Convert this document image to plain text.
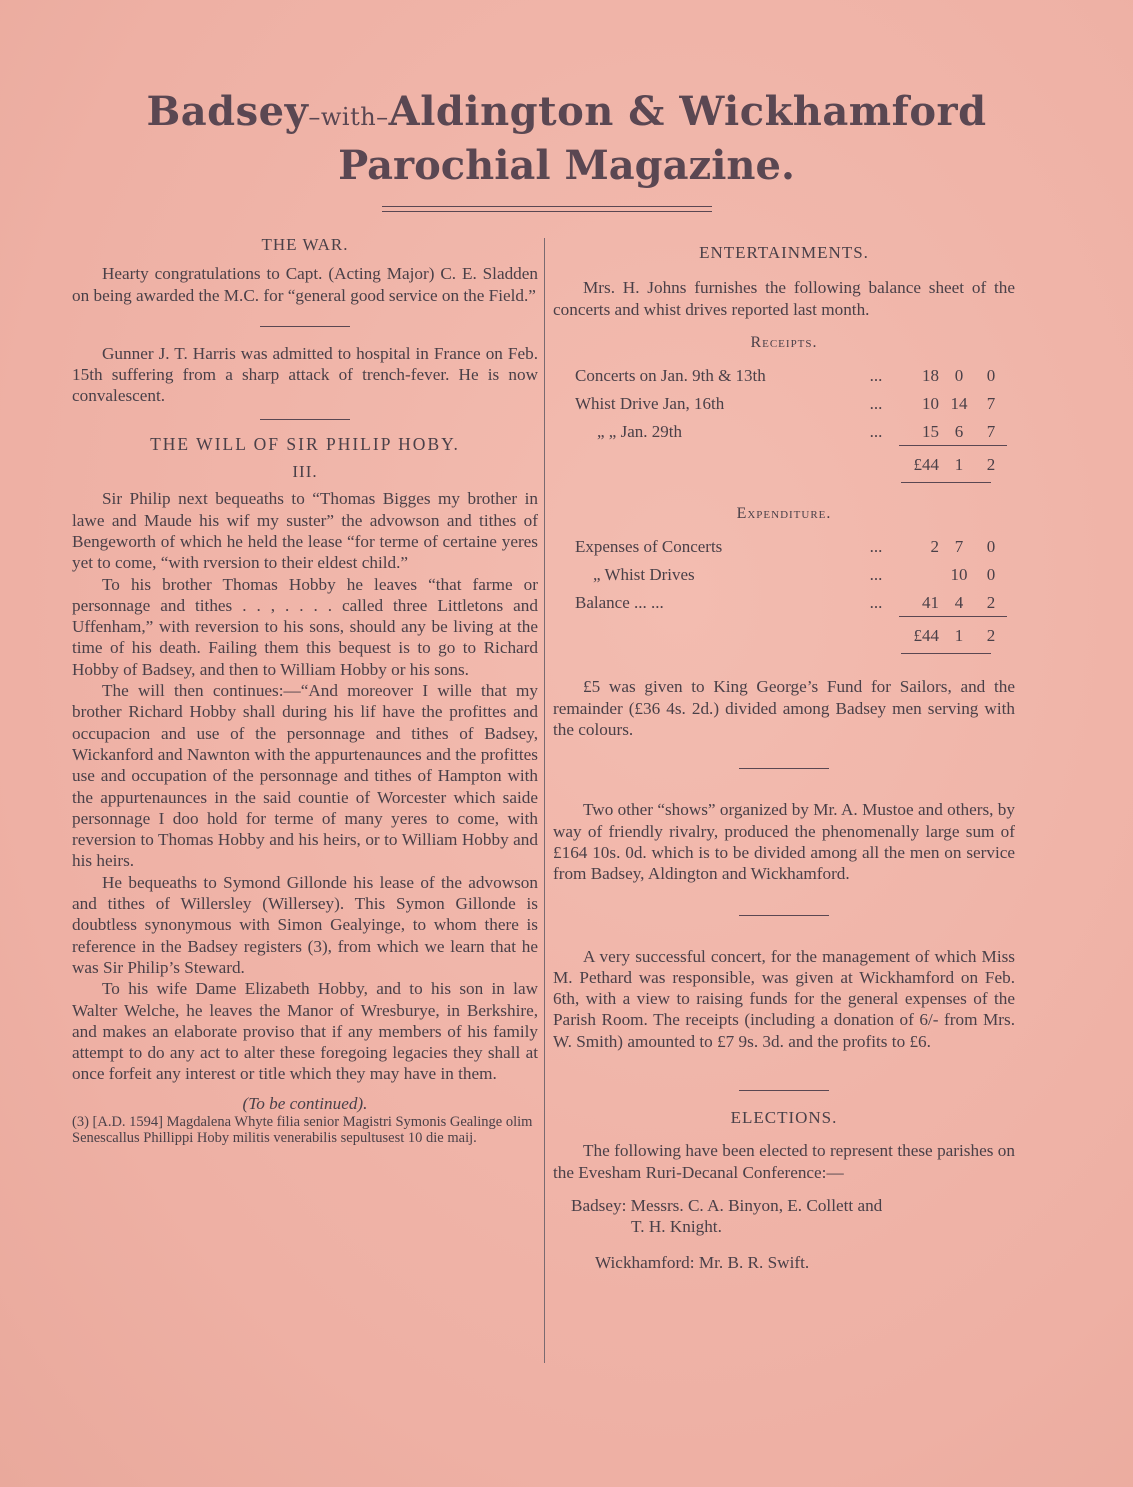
Badsey–with–Aldington & Wickhamford
Parochial Magazine.

THE WAR.

Hearty congratulations to Capt. (Acting Major) C. E. Sladden on being awarded the M.C. for “general good service on the Field.”

Gunner J. T. Harris was admitted to hospital in France on Feb. 15th suffering from a sharp attack of trench-fever. He is now convalescent.

THE WILL OF SIR PHILIP HOBY.

III.

Sir Philip next bequeaths to “Thomas Bigges my brother in lawe and Maude his wif my suster” the advowson and tithes of Bengeworth of which he held the lease “for terme of certaine yeres yet to come, “with rversion to their eldest child.”

To his brother Thomas Hobby he leaves “that farme or personnage and tithes . . , . . . . called three Littletons and Uffenham,” with reversion to his sons, should any be living at the time of his death. Failing them this bequest is to go to Richard Hobby of Badsey, and then to William Hobby or his sons.

The will then continues:—“And moreover I wille that my brother Richard Hobby shall during his lif have the profittes and occupacion and use of the personnage and tithes of Badsey, Wickanford and Nawnton with the appurtenaunces and the profittes use and occupation of the personnage and tithes of Hampton with the appurtenaunces in the said countie of Worcester which saide personnage I doo hold for terme of many yeres to come, with reversion to Thomas Hobby and his heirs, or to William Hobby and his heirs.

He bequeaths to Symond Gillonde his lease of the advowson and tithes of Willersley (Willersey). This Symon Gillonde is doubtless synonymous with Simon Gealyinge, to whom there is reference in the Badsey registers (3), from which we learn that he was Sir Philip’s Steward.

To his wife Dame Elizabeth Hobby, and to his son in law Walter Welche, he leaves the Manor of Wresburye, in Berkshire, and makes an elaborate proviso that if any members of his family attempt to do any act to alter these foregoing legacies they shall at once forfeit any interest or title which they may have in them.

(To be continued).

(3) [A.D. 1594] Magdalena Whyte filia senior Magistri Symonis Gealinge olim Senescallus Phillippi Hoby militis venerabilis sepultusest 10 die maij.

ENTERTAINMENTS.

Mrs. H. Johns furnishes the following balance sheet of the concerts and whist drives reported last month.

Receipts.

Concerts on Jan. 9th & 13th	...	18	0	0
Whist Drive Jan, 16th	...	10	14	7
„ „ Jan. 29th	...	15	6	7
		£44	1	2

Expenditure.

Expenses of Concerts	...	2	7	0
„ Whist Drives	...		10	0
Balance ... ...	...	41	4	2
		£44	1	2

£5 was given to King George’s Fund for Sailors, and the remainder (£36 4s. 2d.) divided among Badsey men serving with the colours.

Two other “shows” organized by Mr. A. Mustoe and others, by way of friendly rivalry, produced the phenomenally large sum of £164 10s. 0d. which is to be divided among all the men on service from Badsey, Aldington and Wickhamford.

A very successful concert, for the management of which Miss M. Pethard was responsible, was given at Wickhamford on Feb. 6th, with a view to raising funds for the general expenses of the Parish Room. The receipts (including a donation of 6/- from Mrs. W. Smith) amounted to £7 9s. 3d. and the profits to £6.

ELECTIONS.

The following have been elected to represent these parishes on the Evesham Ruri-Decanal Conference:—

Badsey: Messrs. C. A. Binyon, E. Collett and

T. H. Knight.

Wickhamford: Mr. B. R. Swift.
